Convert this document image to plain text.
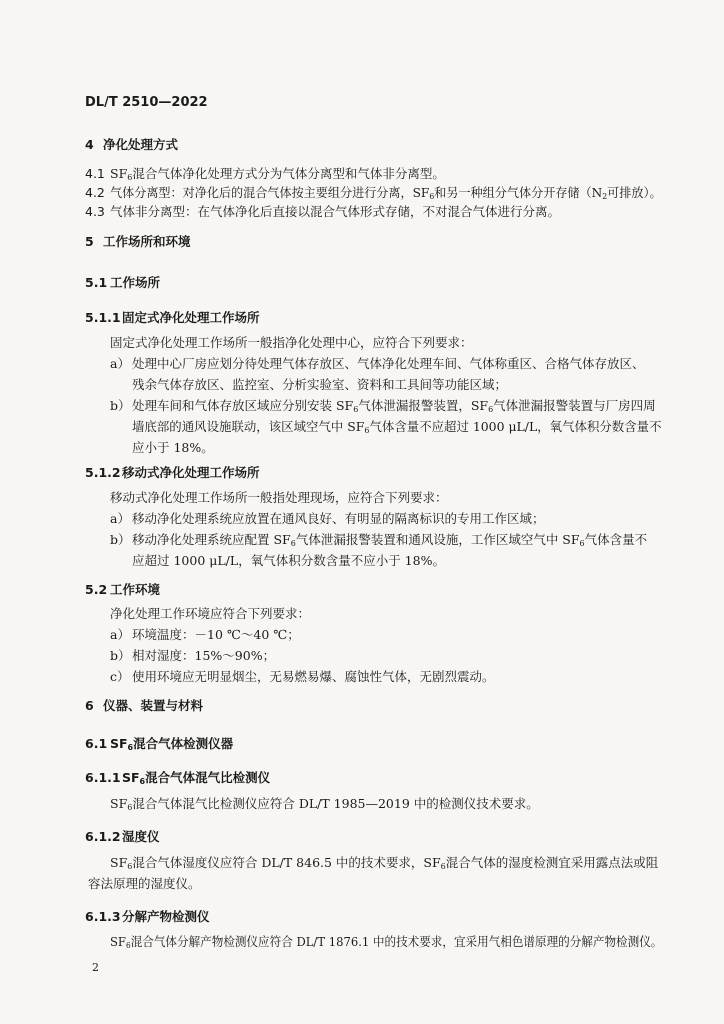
DL/T 2510—2022
4 净化处理方式
4.1 $SF_6$混合气体净化处理方式分为气体分离型和气体非分离型。
4.2 气体分离型：对净化后的混合气体按主要组分进行分离，$SF_6$和另一种组分气体分开存储（$N_2$可排放）。
4.3 气体非分离型：在气体净化后直接以混合气体形式存储，不对混合气体进行分离。
5 工作场所和环境
5.1 工作场所
5.1.1 固定式净化处理工作场所
固定式净化处理工作场所一般指净化处理中心，应符合下列要求：
a） 处理中心厂房应划分待处理气体存放区、气体净化处理车间、气体称重区、合格气体存放区、
残余气体存放区、监控室、分析实验室、资料和工具间等功能区域；
b） 处理车间和气体存放区域应分别安装 $SF_6$气体泄漏报警装置，$SF_6$气体泄漏报警装置与厂房四周
墙底部的通风设施联动，该区域空气中 $SF_6$气体含量不应超过 1000 μL/L，氧气体积分数含量不
应小于 18%。
5.1.2 移动式净化处理工作场所
移动式净化处理工作场所一般指处理现场，应符合下列要求：
a） 移动净化处理系统应放置在通风良好、有明显的隔离标识的专用工作区域；
b） 移动净化处理系统应配置 $SF_6$气体泄漏报警装置和通风设施，工作区域空气中 $SF_6$气体含量不
应超过 1000 μL/L，氧气体积分数含量不应小于 18%。
5.2 工作环境
净化处理工作环境应符合下列要求：
a） 环境温度：－10 ℃～40 ℃；
b） 相对湿度：15%～90%；
c） 使用环境应无明显烟尘，无易燃易爆、腐蚀性气体，无剧烈震动。
6 仪器、装置与材料
6.1 $SF_6$混合气体检测仪器
6.1.1 $SF_6$混合气体混气比检测仪
$SF_6$混合气体混气比检测仪应符合 DL/T 1985—2019 中的检测仪技术要求。
6.1.2 湿度仪
$SF_6$混合气体湿度仪应符合 DL/T 846.5 中的技术要求，$SF_6$混合气体的湿度检测宜采用露点法或阻
容法原理的湿度仪。
6.1.3 分解产物检测仪
$SF_6$混合气体分解产物检测仪应符合 DL/T 1876.1 中的技术要求，宜采用气相色谱原理的分解产物检测仪。
2
